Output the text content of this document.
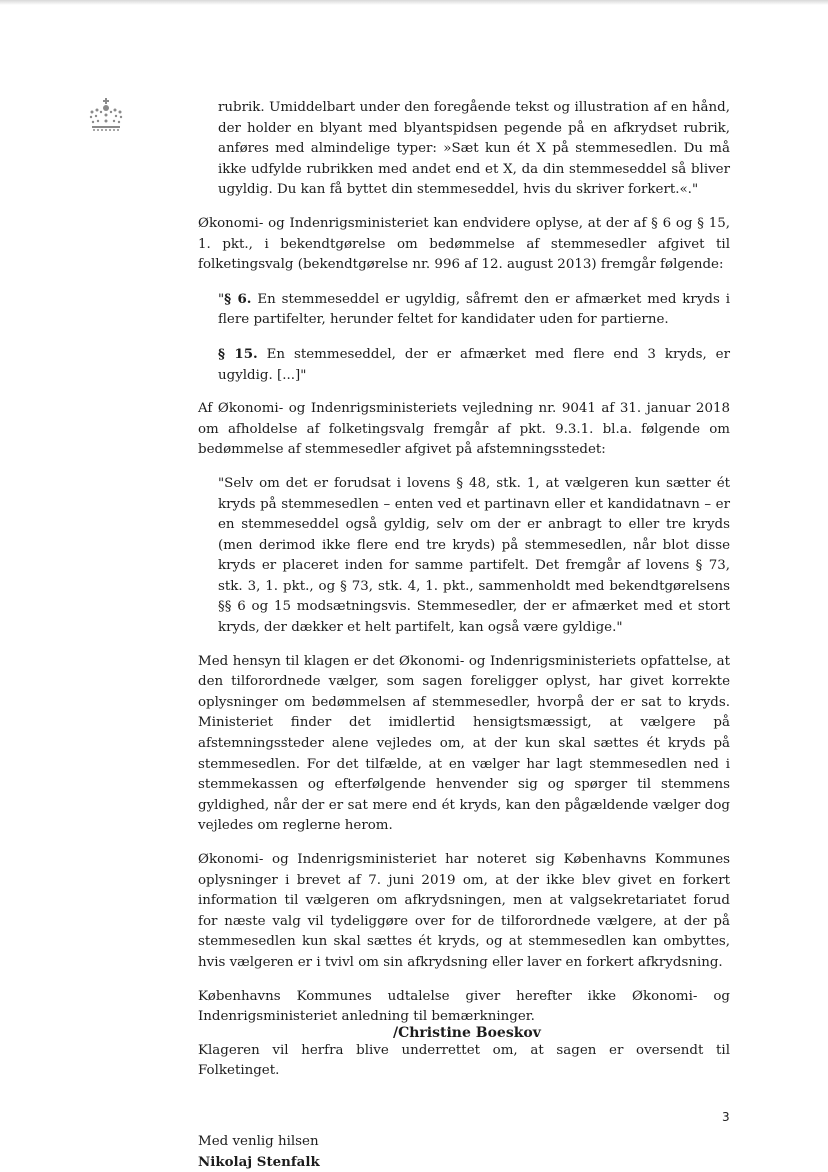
rubrik. Umiddelbart under den foregående tekst og illustration af en hånd, der holder en blyant med blyantspidsen pegende på en afkrydset rubrik, anføres med almindelige typer: »Sæt kun ét X på stemmesedlen. Du må ikke udfylde rubrikken med andet end et X, da din stemmeseddel så bliver ugyldig. Du kan få byttet din stemmeseddel, hvis du skriver forkert.«."

Økonomi- og Indenrigsministeriet kan endvidere oplyse, at der af § 6 og § 15, 1. pkt., i bekendtgørelse om bedømmelse af stemmesedler afgivet til folketingsvalg (bekendtgørelse nr. 996 af 12. august 2013) fremgår følgende:

"§ 6. En stemmeseddel er ugyldig, såfremt den er afmærket med kryds i flere partifelter, herunder feltet for kandidater uden for partierne.

§ 15. En stemmeseddel, der er afmærket med flere end 3 kryds, er ugyldig. [...]"

Af Økonomi- og Indenrigsministeriets vejledning nr. 9041 af 31. januar 2018 om afholdelse af folketingsvalg fremgår af pkt. 9.3.1. bl.a. følgende om bedømmelse af stemmesedler afgivet på afstemningsstedet:

"Selv om det er forudsat i lovens § 48, stk. 1, at vælgeren kun sætter ét kryds på stemmesedlen – enten ved et partinavn eller et kandidatnavn – er en stemmeseddel også gyldig, selv om der er anbragt to eller tre kryds (men derimod ikke flere end tre kryds) på stemmesedlen, når blot disse kryds er placeret inden for samme partifelt. Det fremgår af lovens § 73, stk. 3, 1. pkt., og § 73, stk. 4, 1. pkt., sammenholdt med bekendtgørelsens §§ 6 og 15 modsætningsvis. Stemmesedler, der er afmærket med et stort kryds, der dækker et helt partifelt, kan også være gyldige."

Med hensyn til klagen er det Økonomi- og Indenrigsministeriets opfattelse, at den tilforordnede vælger, som sagen foreligger oplyst, har givet korrekte oplysninger om bedømmelsen af stemmesedler, hvorpå der er sat to kryds. Ministeriet finder det imidlertid hensigtsmæssigt, at vælgere på afstemningssteder alene vejledes om, at der kun skal sættes ét kryds på stemmesedlen. For det tilfælde, at en vælger har lagt stemmesedlen ned i stemmekassen og efterfølgende henvender sig og spørger til stemmens gyldighed, når der er sat mere end ét kryds, kan den pågældende vælger dog vejledes om reglerne herom.

Økonomi- og Indenrigsministeriet har noteret sig Københavns Kommunes oplysninger i brevet af 7. juni 2019 om, at der ikke blev givet en forkert information til vælgeren om afkrydsningen, men at valgsekretariatet forud for næste valg vil tydeliggøre over for de tilforordnede vælgere, at der på stemmesedlen kun skal sættes ét kryds, og at stemmesedlen kan ombyttes, hvis vælgeren er i tvivl om sin afkrydsning eller laver en forkert afkrydsning.

Københavns Kommunes udtalelse giver herefter ikke Økonomi- og Indenrigsministeriet anledning til bemærkninger.

Klageren vil herfra blive underrettet om, at sagen er oversendt til Folketinget.

Med venlig hilsen
Nikolaj Stenfalk
/Christine Boeskov
3
